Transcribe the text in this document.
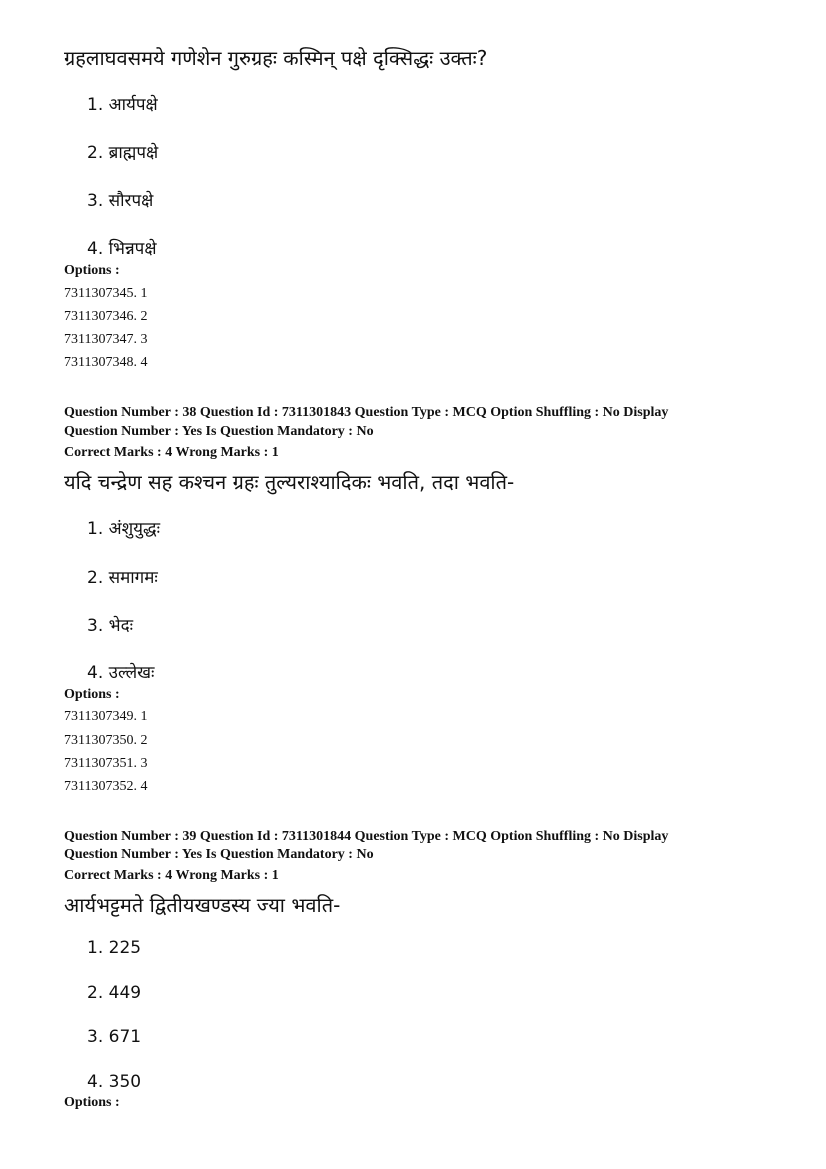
ग्रहलाघवसमये गणेशेन गुरुग्रहः कस्मिन् पक्षे दृक्सिद्धः उक्तः?
1. आर्यपक्षे
2. ब्राह्मपक्षे
3. सौरपक्षे
4. भिन्नपक्षे
Options :
7311307345. 1
7311307346. 2
7311307347. 3
7311307348. 4
Question Number : 38 Question Id : 7311301843 Question Type : MCQ Option Shuffling : No Display
Question Number : Yes Is Question Mandatory : No
Correct Marks : 4 Wrong Marks : 1
यदि चन्द्रेण सह कश्चन ग्रहः तुल्यराश्यादिकः भवति, तदा भवति-
1. अंशुयुद्धः
2. समागमः
3. भेदः
4. उल्लेखः
Options :
7311307349. 1
7311307350. 2
7311307351. 3
7311307352. 4
Question Number : 39 Question Id : 7311301844 Question Type : MCQ Option Shuffling : No Display
Question Number : Yes Is Question Mandatory : No
Correct Marks : 4 Wrong Marks : 1
आर्यभट्टमते द्वितीयखण्डस्य ज्या भवति-
1. 225
2. 449
3. 671
4. 350
Options :
